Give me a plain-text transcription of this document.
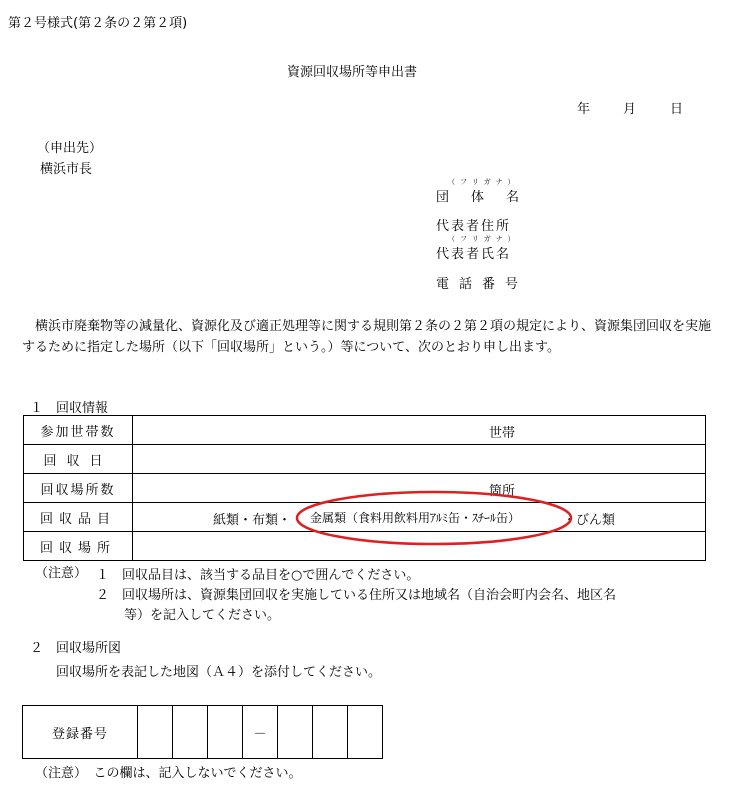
第２号様式(第２条の２第２項)
資源回収場所等申出書
年	月	日
（申出先）
横浜市長
（フリガナ）
団体名
代表者住所
（フリガナ）
代表者氏名
電話番号
横浜市廃棄物等の減量化、資源化及び適正処理等に関する規則第２条の２第２項の規定により、資源集団回収を実施するために指定した場所（以下「回収場所」という。）等について、次のとおり申し出ます。
１　回収情報
参加世帯数	世帯

回収日	

回収場所数	箇所

回収品目	紙類・布類・ 金属類（食料用飲料用ｱﾙﾐ缶・ｽﾁｰﾙ缶） ・びん類

回収場所	
（注意） １　回収品目は、該当する品目を○で囲んでください。
２　回収場所は、資源集団回収を実施している住所又は地域名（自治会町内会名、地区名
等）を記入してください。
２　回収場所図
回収場所を表記した地図（Ａ４）を添付してください。
登録番号				－			
（注意）　この欄は、記入しないでください。
